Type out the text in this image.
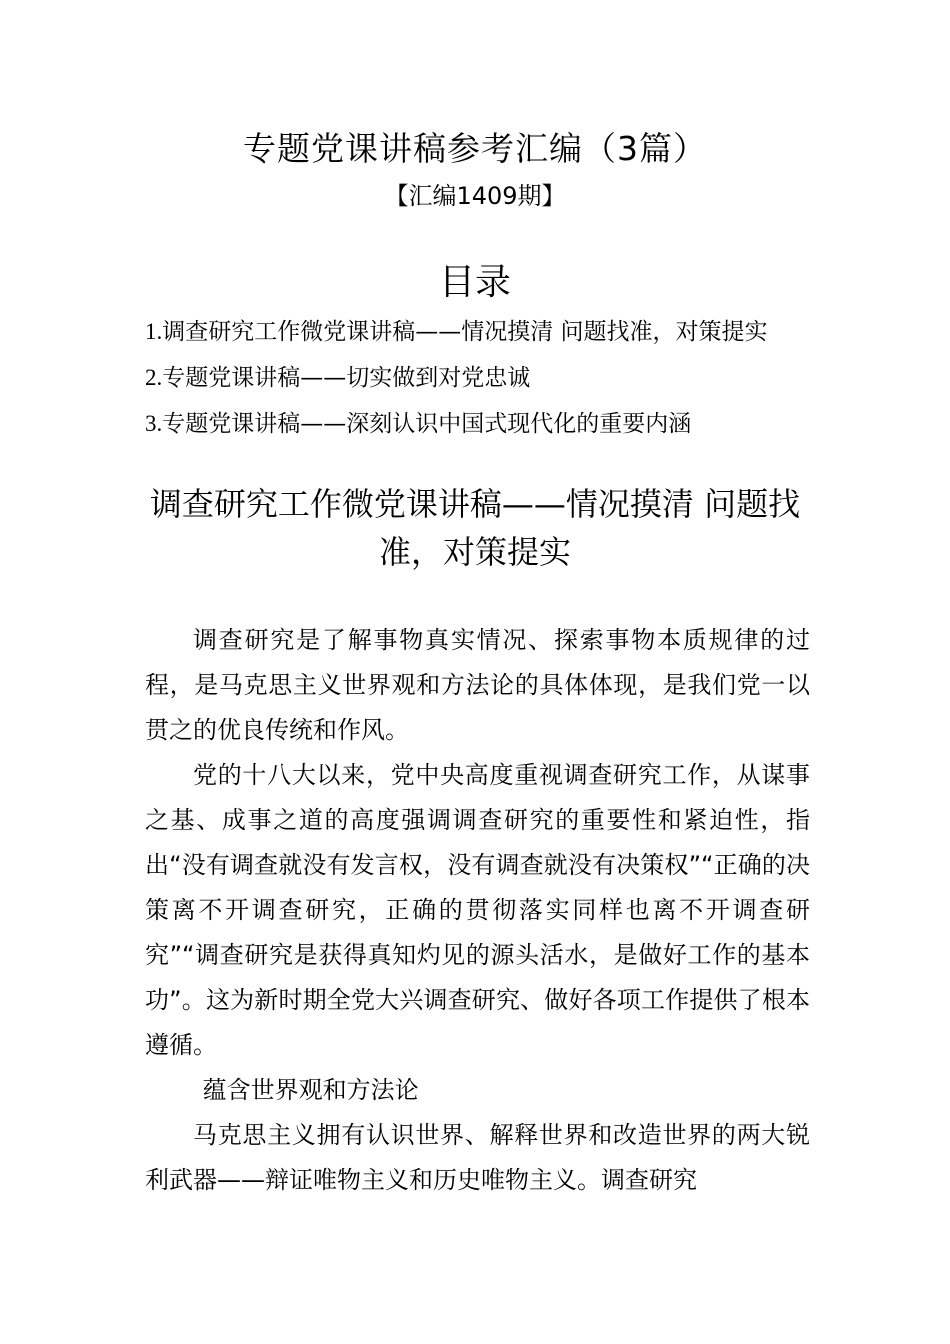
专题党课讲稿参考汇编（3篇）
【汇编1409期】
目录
1.调查研究工作微党课讲稿——情况摸清 问题找准，对策提实
2.专题党课讲稿——切实做到对党忠诚
3.专题党课讲稿——深刻认识中国式现代化的重要内涵
调查研究工作微党课讲稿——情况摸清 问题找准，对策提实

调查研究是了解事物真实情况、探索事物本质规律的过程，是马克思主义世界观和方法论的具体体现，是我们党一以贯之的优良传统和作风。

党的十八大以来，党中央高度重视调查研究工作，从谋事之基、成事之道的高度强调调查研究的重要性和紧迫性，指出“没有调查就没有发言权，没有调查就没有决策权”“正确的决策离不开调查研究，正确的贯彻落实同样也离不开调查研究”“调查研究是获得真知灼见的源头活水，是做好工作的基本功”。这为新时期全党大兴调查研究、做好各项工作提供了根本遵循。

蕴含世界观和方法论

马克思主义拥有认识世界、解释世界和改造世界的两大锐利武器——辩证唯物主义和历史唯物主义。调查研究
